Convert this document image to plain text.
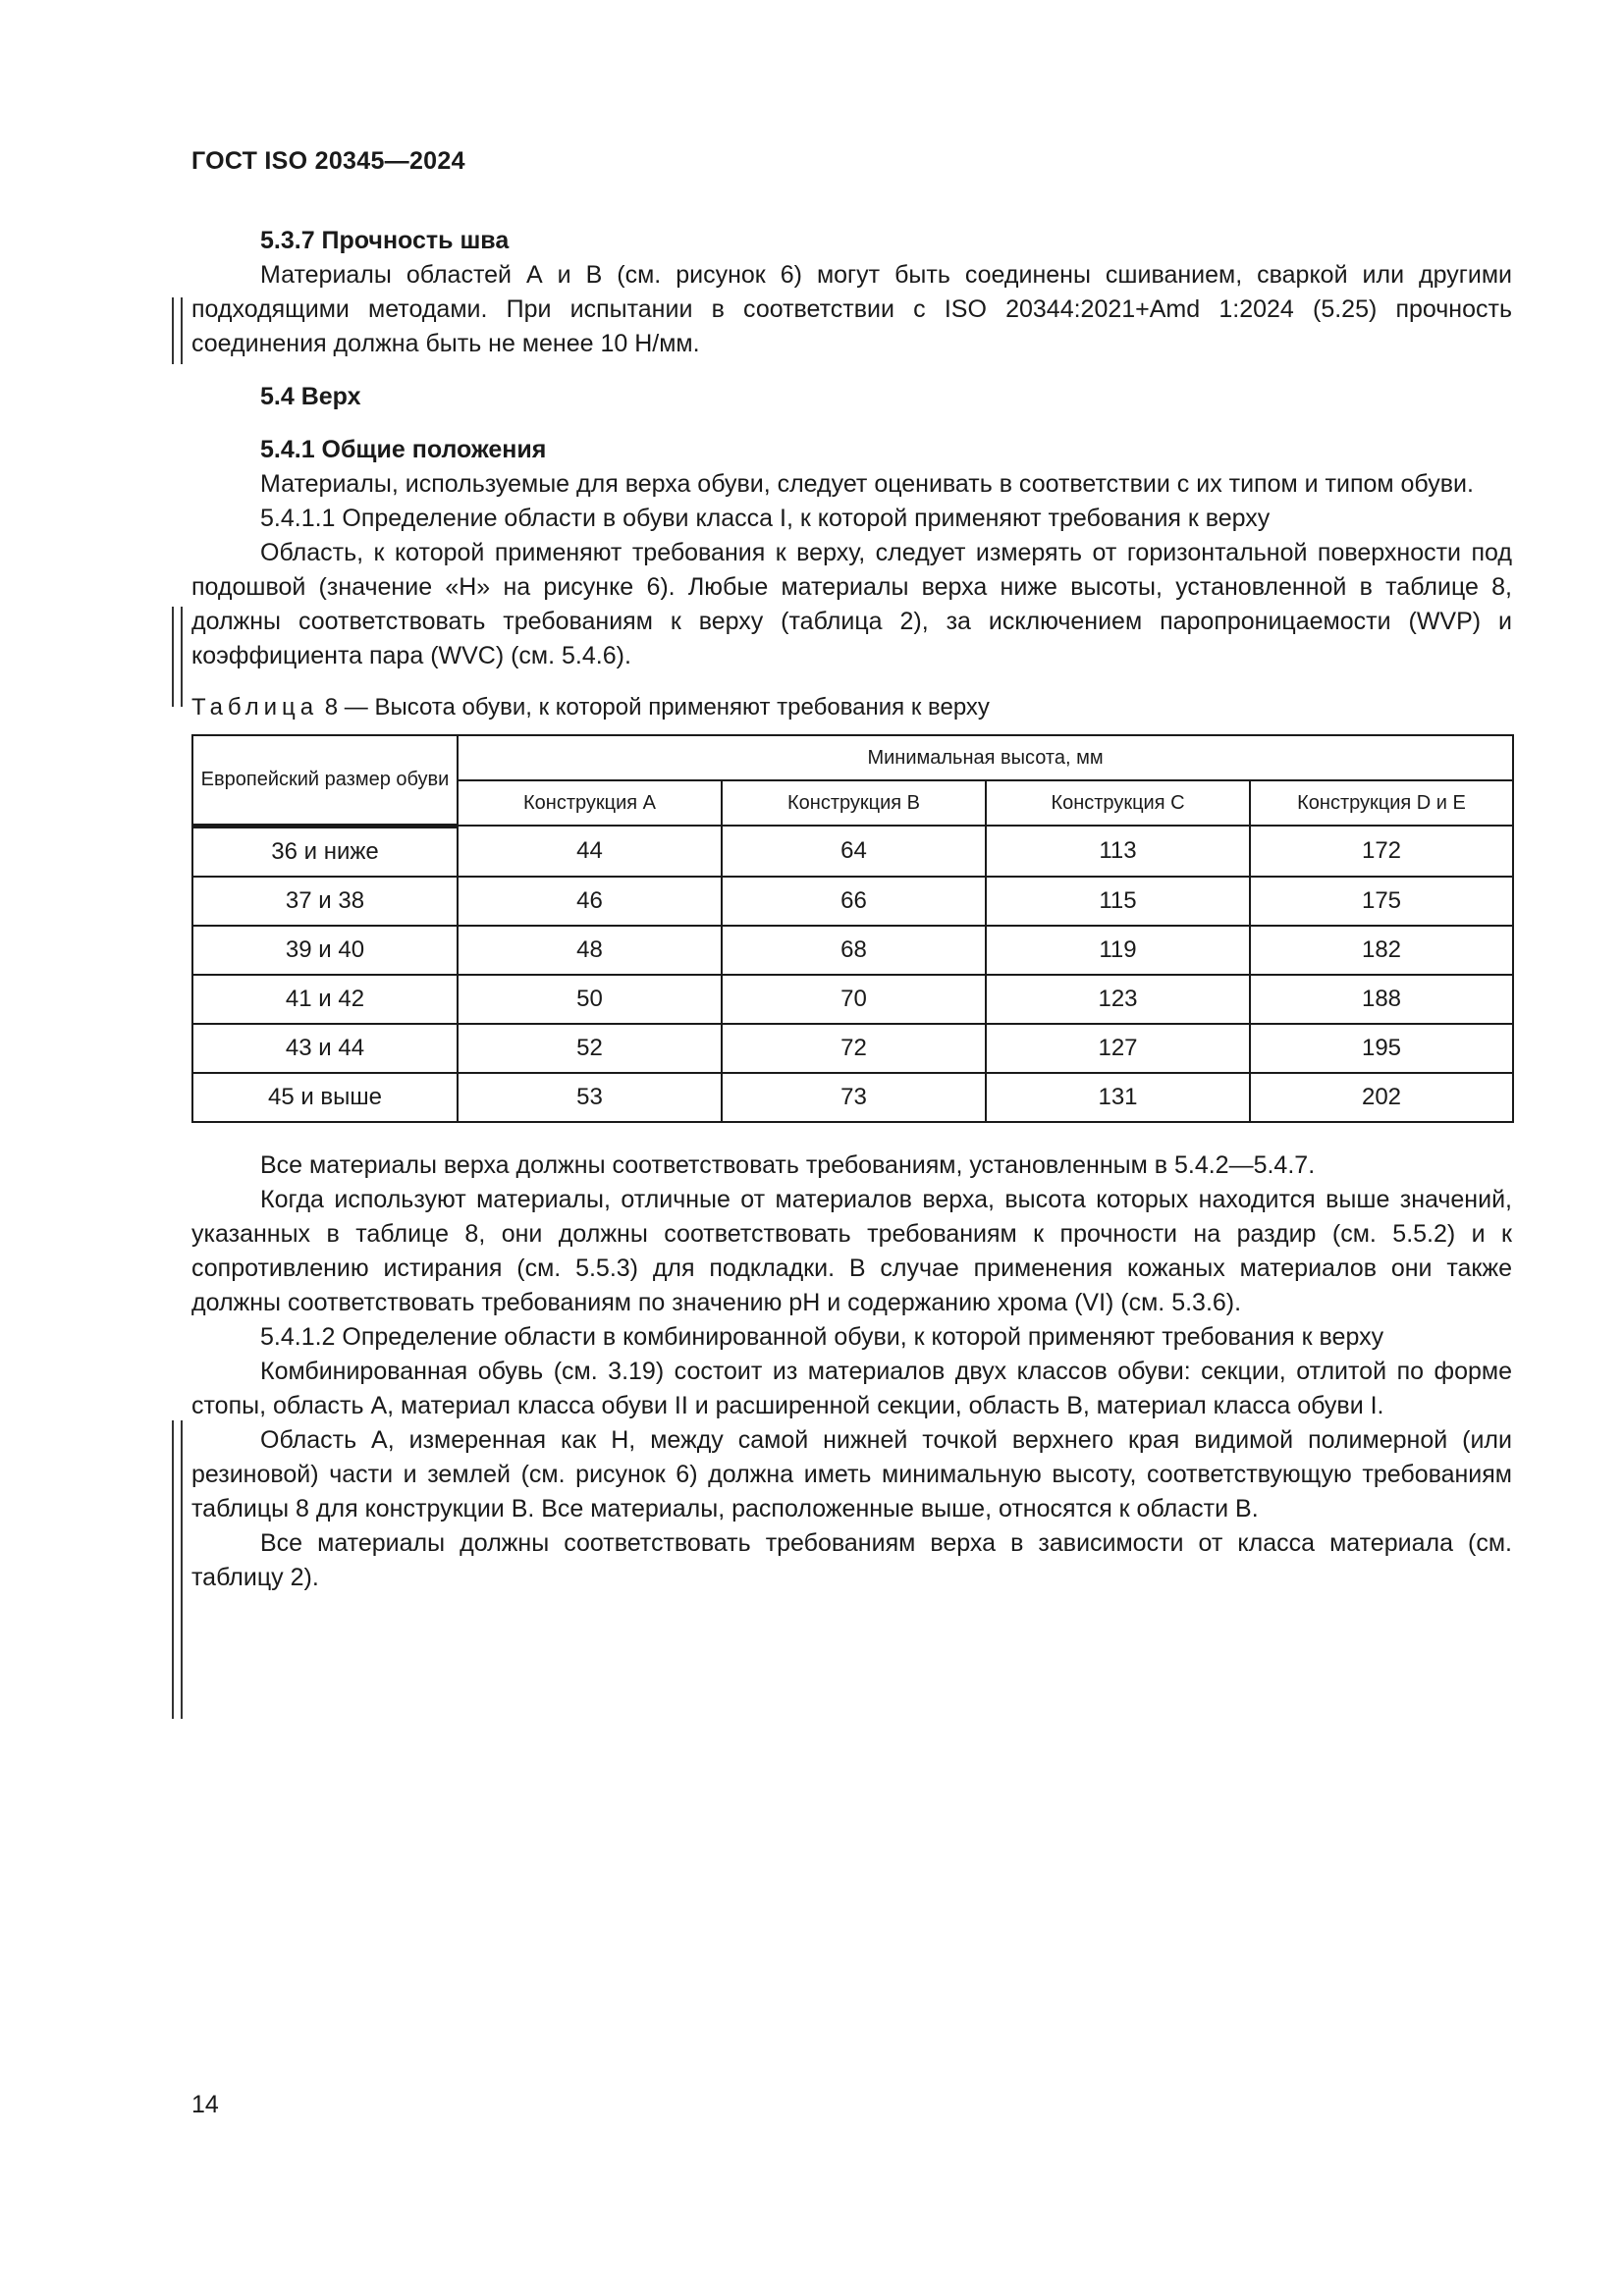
ГОСТ ISO 20345—2024

5.3.7 Прочность шва

Материалы областей А и В (см. рисунок 6) могут быть соединены сшиванием, сваркой или другими подходящими методами. При испытании в соответствии с ISO 20344:2021+Amd 1:2024 (5.25) прочность соединения должна быть не менее 10 Н/мм.

5.4 Верх

5.4.1 Общие положения

Материалы, используемые для верха обуви, следует оценивать в соответствии с их типом и типом обуви.

5.4.1.1 Определение области в обуви класса I, к которой применяют требования к верху

Область, к которой применяют требования к верху, следует измерять от горизонтальной поверхности под подошвой (значение «H» на рисунке 6). Любые материалы верха ниже высоты, установленной в таблице 8, должны соответствовать требованиям к верху (таблица 2), за исключением паропроницаемости (WVP) и коэффициента пара (WVC) (см. 5.4.6).

Таблица 8 — Высота обуви, к которой применяют требования к верху
Европейский размер обуви	Минимальная высота, мм			
	Конструкция А	Конструкция В	Конструкция С	Конструкция D и E
36 и ниже	44	64	113	172
37 и 38	46	66	115	175
39 и 40	48	68	119	182
41 и 42	50	70	123	188
43 и 44	52	72	127	195
45 и выше	53	73	131	202

Все материалы верха должны соответствовать требованиям, установленным в 5.4.2—5.4.7.

Когда используют материалы, отличные от материалов верха, высота которых находится выше значений, указанных в таблице 8, они должны соответствовать требованиям к прочности на раздир (см. 5.5.2) и к сопротивлению истирания (см. 5.5.3) для подкладки. В случае применения кожаных материалов они также должны соответствовать требованиям по значению pH и содержанию хрома (VI) (см. 5.3.6).

5.4.1.2 Определение области в комбинированной обуви, к которой применяют требования к верху

Комбинированная обувь (см. 3.19) состоит из материалов двух классов обуви: секции, отлитой по форме стопы, область А, материал класса обуви II и расширенной секции, область В, материал класса обуви I.

Область А, измеренная как H, между самой нижней точкой верхнего края видимой полимерной (или резиновой) части и землей (см. рисунок 6) должна иметь минимальную высоту, соответствующую требованиям таблицы 8 для конструкции В. Все материалы, расположенные выше, относятся к области В.

Все материалы должны соответствовать требованиям верха в зависимости от класса материала (см. таблицу 2).

14
